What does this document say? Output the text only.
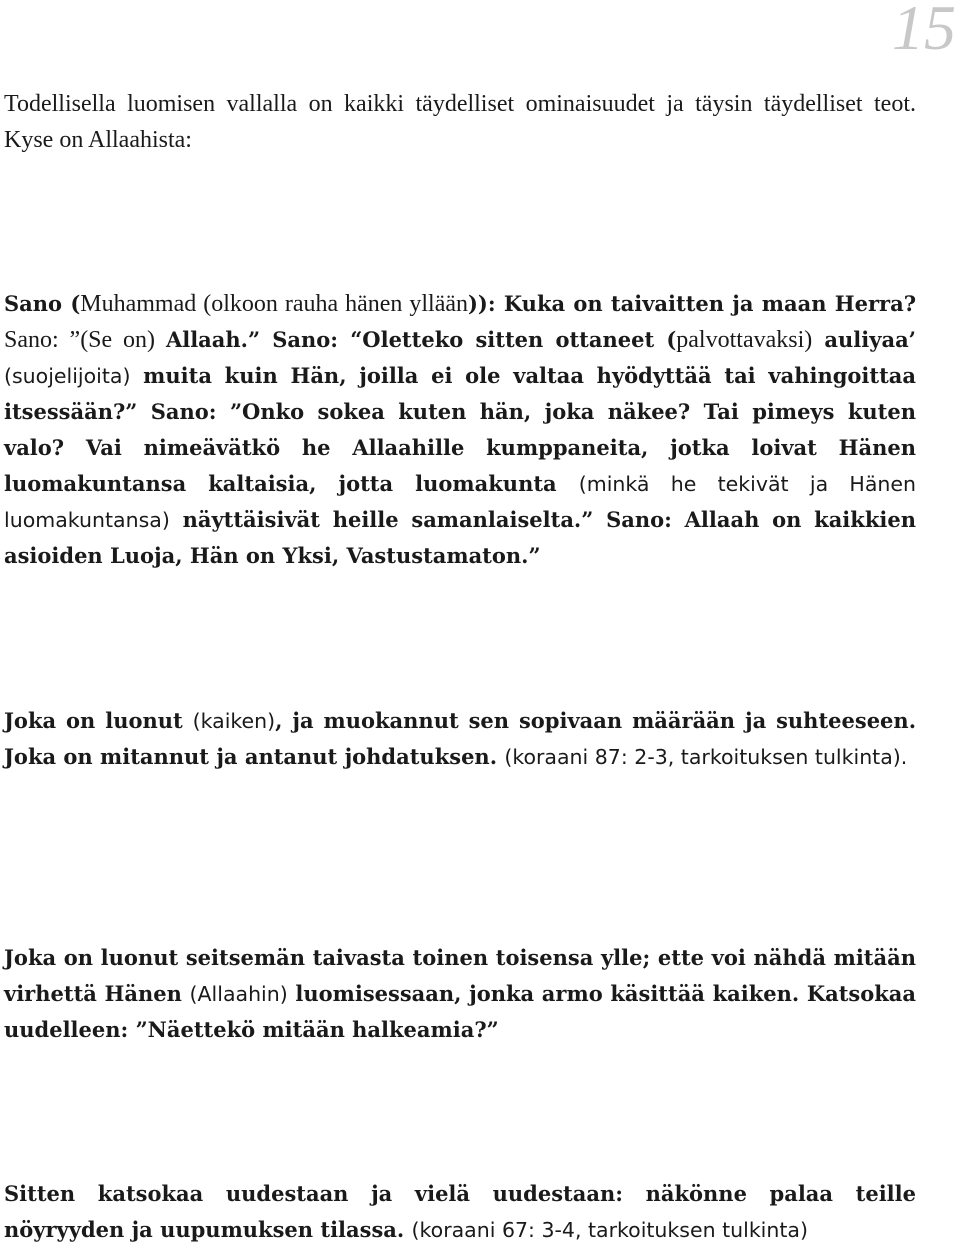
15

Todellisella luomisen vallalla on kaikki täydelliset ominaisuudet ja täysin täydelliset teot. Kyse on Allaahista:

Sano (Muhammad (olkoon rauha hänen yllään)): Kuka on taivaitten ja maan Herra? Sano: ”(Se on) Allaah.” Sano: “Oletteko sitten ottaneet (palvottavaksi) auliyaa’ (suojelijoita) muita kuin Hän, joilla ei ole valtaa hyödyttää tai vahingoittaa itsessään?” Sano: ”Onko sokea kuten hän, joka näkee? Tai pimeys kuten valo? Vai nimeävätkö he Allaahille kumppaneita, jotka loivat Hänen luomakuntansa kaltaisia, jotta luomakunta (minkä he tekivät ja Hänen luomakuntansa) näyttäisivät heille samanlaiselta.” Sano: Allaah on kaikkien asioiden Luoja, Hän on Yksi, Vastustamaton.”

Joka on luonut (kaiken), ja muokannut sen sopivaan määrään ja suhteeseen. Joka on mitannut ja antanut johdatuksen. (koraani 87: 2-3, tarkoituksen tulkinta).

Joka on luonut seitsemän taivasta toinen toisensa ylle; ette voi nähdä mitään virhettä Hänen (Allaahin) luomisessaan, jonka armo käsittää kaiken. Katsokaa uudelleen: ”Näettekö mitään halkeamia?”

Sitten katsokaa uudestaan ja vielä uudestaan: näkönne palaa teille nöyryyden ja uupumuksen tilassa. (koraani 67: 3-4, tarkoituksen tulkinta)
